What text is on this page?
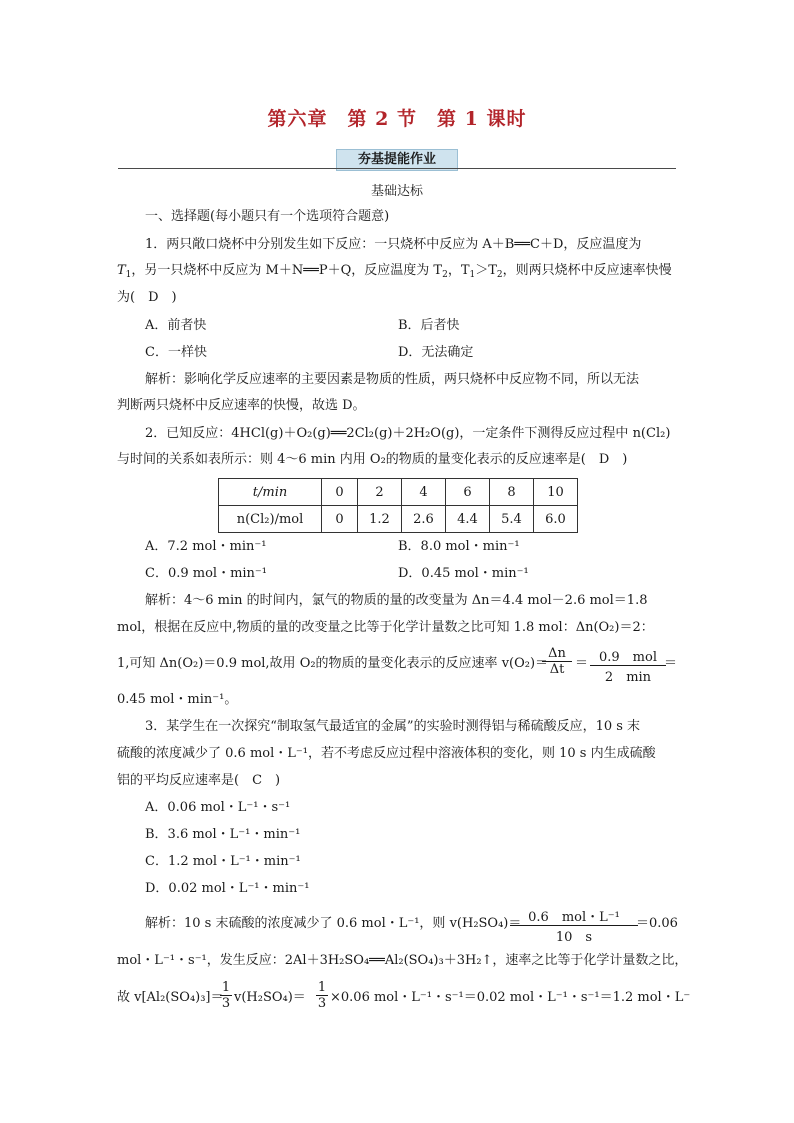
第六章　第 2 节　第 1 课时
夯基提能作业
基础达标
一、选择题(每小题只有一个选项符合题意)
1．两只敞口烧杯中分别发生如下反应：一只烧杯中反应为 A＋B══C＋D，反应温度为
$T_1$，另一只烧杯中反应为 M＋N══P＋Q，反应温度为 $T_2$，$T_1>T_2$，则两只烧杯中反应速率快慢
为(　D　)
A．前者快	B．后者快
C．一样快	D．无法确定
解析：影响化学反应速率的主要因素是物质的性质，两只烧杯中反应物不同，所以无法
判断两只烧杯中反应速率的快慢，故选 D。
2．已知反应：4HCl(g)＋O₂(g)══2Cl₂(g)＋2H₂O(g)，一定条件下测得反应过程中 n(Cl₂)
与时间的关系如表所示：则 4～6 min 内用 O₂的物质的量变化表示的反应速率是(　D　)
t/min	0	2	4	6	8	10
n(Cl₂)/mol	0	1.2	2.6	4.4	5.4	6.0
A．7.2 mol・min⁻¹	B．8.0 mol・min⁻¹
C．0.9 mol・min⁻¹	D．0.45 mol・min⁻¹
解析：4～6 min 的时间内，氯气的物质的量的改变量为 Δn＝4.4 mol－2.6 mol＝1.8
mol，根据在反应中,物质的量的改变量之比等于化学计量数之比可知 1.8 mol：Δn(O₂)＝2：
1,可知 Δn(O₂)＝0.9 mol,故用 O₂的物质的量变化表示的反应速率 v(O₂)＝
$\frac{\Delta n}{\Delta t} = 0.9$　mol
2　min
＝
0.45 mol・min⁻¹。
3．某学生在一次探究“制取氢气最适宜的金属”的实验时测得铝与稀硫酸反应，10 s 末
硫酸的浓度减少了 0.6 mol・L⁻¹，若不考虑反应过程中溶液体积的变化，则 10 s 内生成硫酸
铝的平均反应速率是(　C　)
A．0.06 mol・L⁻¹・s⁻¹
B．3.6 mol・L⁻¹・min⁻¹
C．1.2 mol・L⁻¹・min⁻¹
D．0.02 mol・L⁻¹・min⁻¹
解析：10 s 末硫酸的浓度减少了 0.6 mol・L⁻¹，则 v(H₂SO₄)＝ 0.6　mol・L⁻¹
10　s
＝0.06
mol・L⁻¹・s⁻¹，发生反应：2Al＋3H₂SO₄══Al₂(SO₄)₃＋3H₂↑，速率之比等于化学计量数之比，
故 v[Al₂(SO₄)₃]＝
$\frac{1}{3} v(H_2SO_4)= \frac{1}{3} \times 0.06$ mol・L⁻¹・s⁻¹＝0.02 mol・L⁻¹・s⁻¹＝1.2 mol・L⁻
